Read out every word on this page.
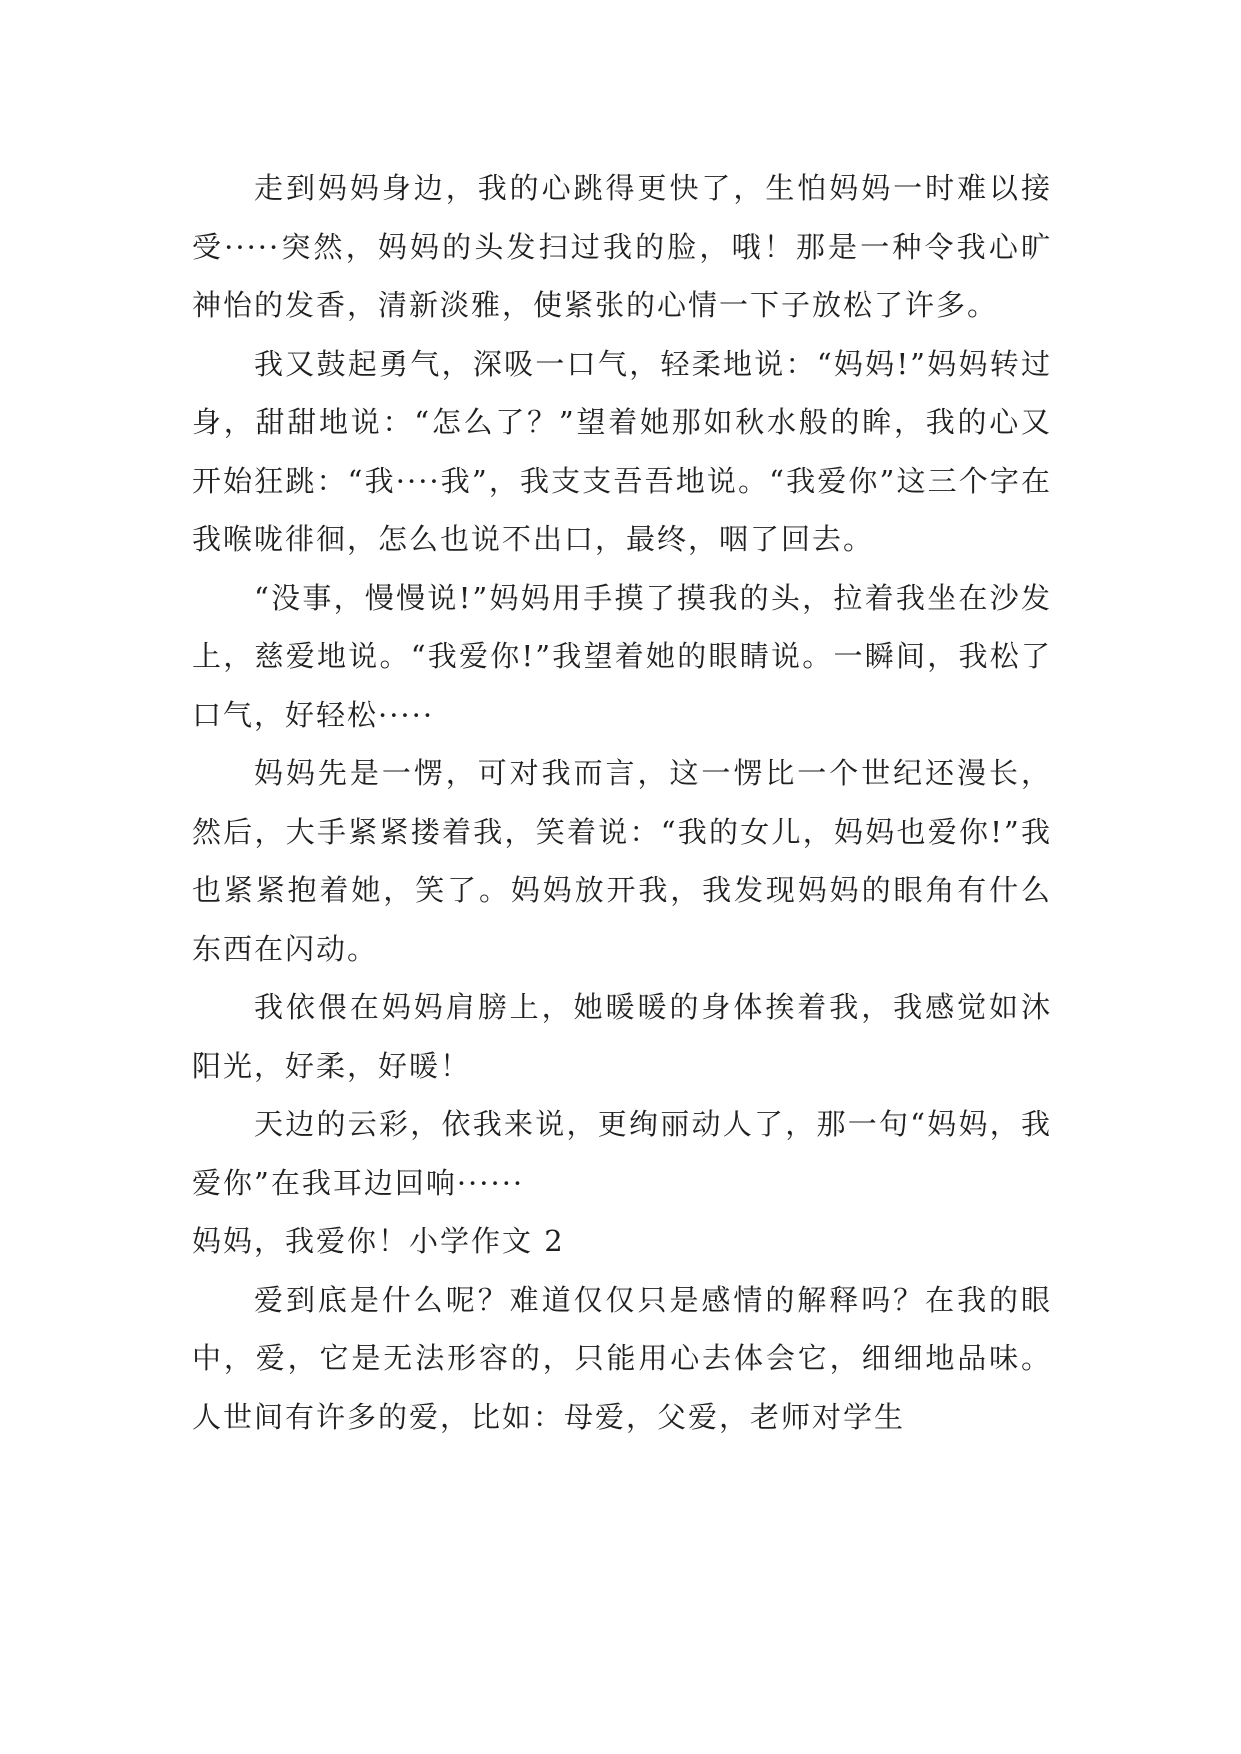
走到妈妈身边，我的心跳得更快了，生怕妈妈一时难以接受·····突然，妈妈的头发扫过我的脸，哦！那是一种令我心旷神怡的发香，清新淡雅，使紧张的心情一下子放松了许多。

我又鼓起勇气，深吸一口气，轻柔地说：“妈妈!”妈妈转过身，甜甜地说：“怎么了？”望着她那如秋水般的眸，我的心又开始狂跳：“我····我”，我支支吾吾地说。“我爱你”这三个字在我喉咙徘徊，怎么也说不出口，最终，咽了回去。

“没事，慢慢说!”妈妈用手摸了摸我的头，拉着我坐在沙发上，慈爱地说。“我爱你!”我望着她的眼睛说。一瞬间，我松了口气，好轻松·····

妈妈先是一愣，可对我而言，这一愣比一个世纪还漫长，然后，大手紧紧搂着我，笑着说：“我的女儿，妈妈也爱你!”我也紧紧抱着她，笑了。妈妈放开我，我发现妈妈的眼角有什么东西在闪动。

我依偎在妈妈肩膀上，她暖暖的身体挨着我，我感觉如沐阳光，好柔，好暖！

天边的云彩，依我来说，更绚丽动人了，那一句“妈妈，我爱你”在我耳边回响······

妈妈，我爱你！小学作文 2

爱到底是什么呢？难道仅仅只是感情的解释吗？在我的眼中，爱，它是无法形容的，只能用心去体会它，细细地品味。人世间有许多的爱，比如：母爱，父爱，老师对学生
